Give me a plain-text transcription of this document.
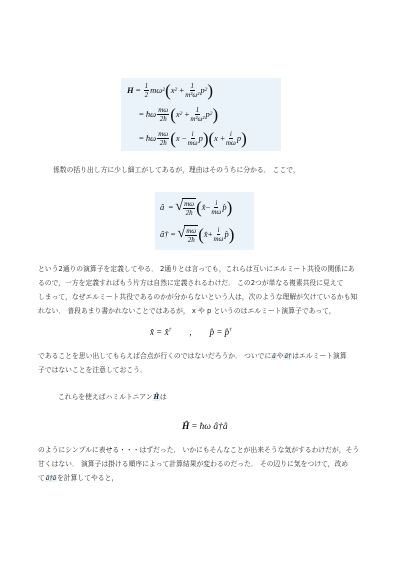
H
=
$\frac{1}{2}$ mω 2 ( x 2
+ $\frac{1}{\text{m²ω²}}$ p 2 )
=
ħω $\frac{m\omega}{2ħ}$ ( x 2
+ $\frac{1}{\text{m²ω²}}$ p 2 )
=
ħω $\frac{m\omega}{2ħ}$ ( x
− $\frac{i}{m\omega}$ p ) ( x
+ $\frac{i}{m\omega}$ p )
係数の括り出し方に少し細工がしてあるが，理由はそのうちに分かる． ここで，
â
=
√ $\frac{m\omega}{2ħ}$ ( x̂ − $\frac{i}{m\omega}$ p̂ )
â†
=
√ $\frac{m\omega}{2ħ}$ ( x̂ + $\frac{i}{m\omega}$ p̂ )
という2通りの演算子を定義してやる． 2通りとは言っても，これらは互いにエルミート共役の関係にあ
るので，一方を定義すればもう片方は自然に定義されるわけだ． この2つが単なる複素共役に見えて
しまって，なぜエルミート共役であるのかが分からないという人は，次のような理解が欠けているかも知
れない． 普段あまり書かれないことではあるが， x や p というのはエルミート演算子であって，
x̂ = x̂† , p̂ = p̂†
であることを思い出してもらえば合点が行くのではないだろうか． ついでにâやâ†はエルミート演算
子ではないことを注意しておこう．
これらを使えばハミルトニアンĤは
Ĥ = ħω â†â
のようにシンプルに表せる・・・はずだった． いかにもそんなことが出来そうな気がするわけだが，そう
甘くはない． 演算子は掛ける順序によって計算結果が変わるのだった． その辺りに気をつけて，改め
てâ†âを計算してやると，
